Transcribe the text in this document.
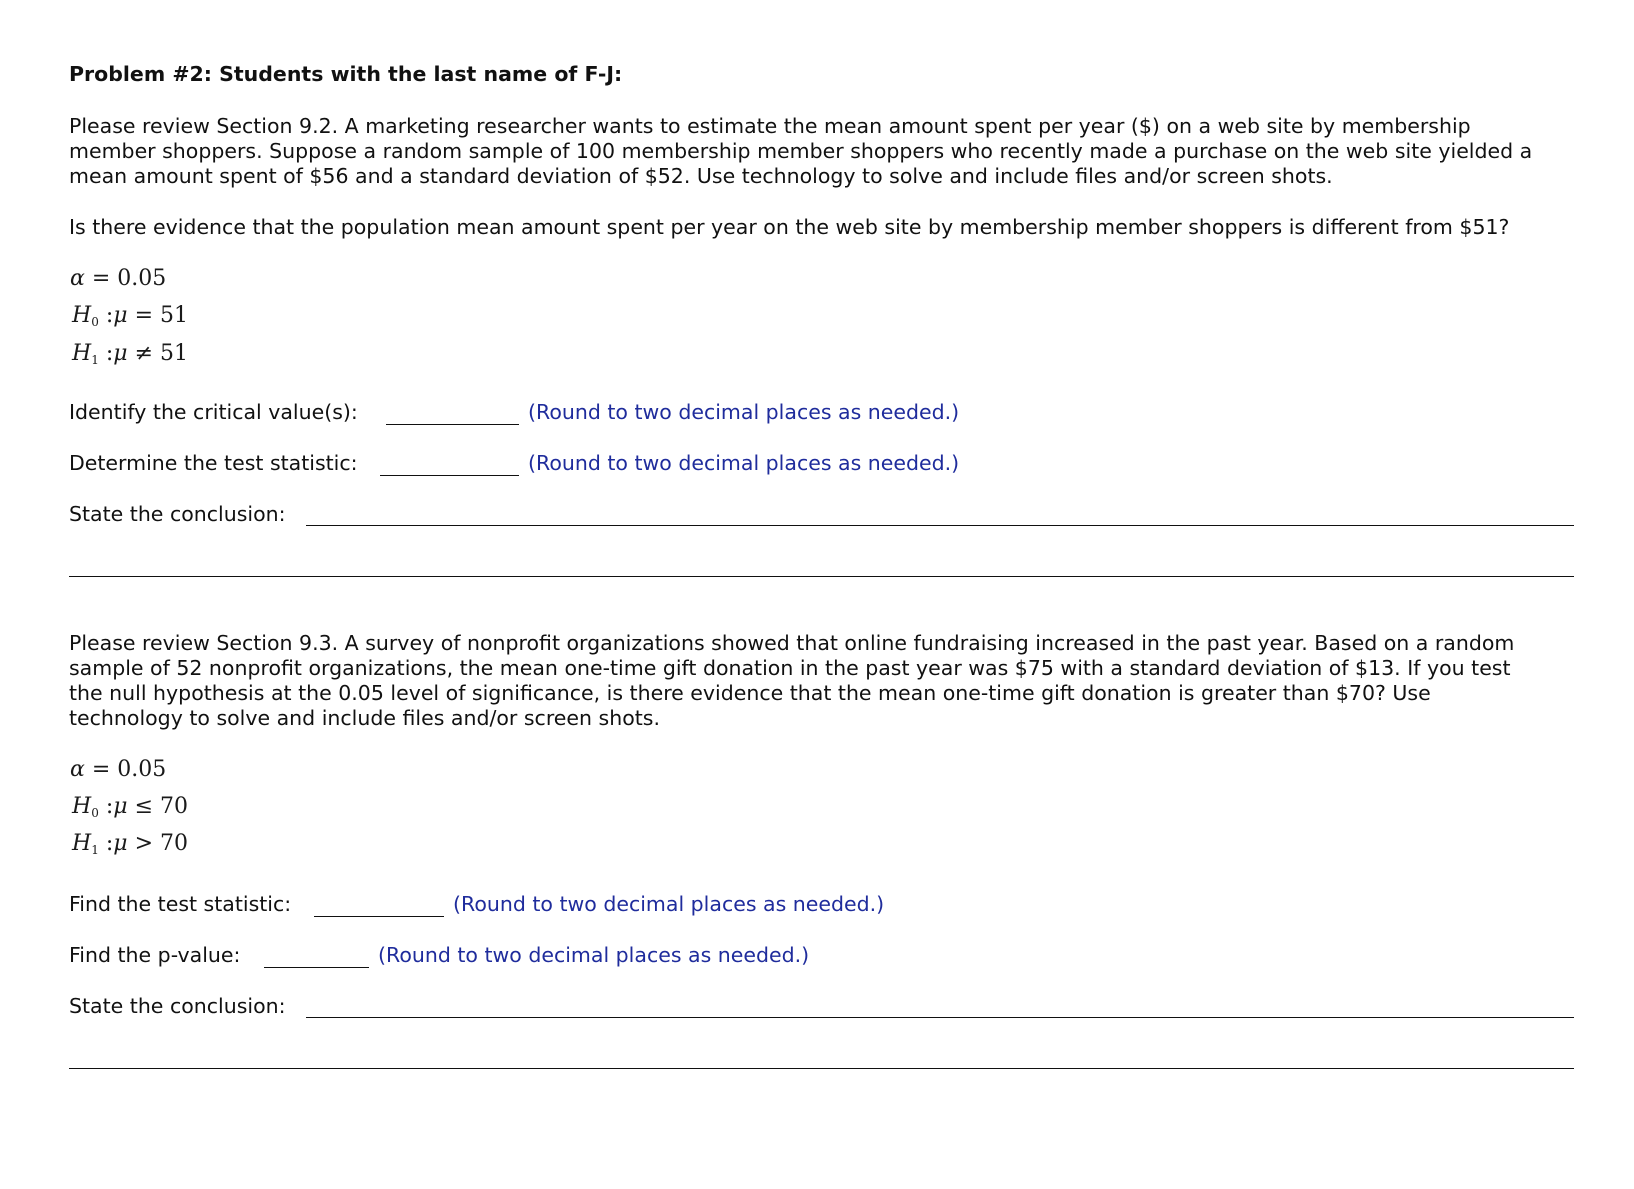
Problem #2: Students with the last name of F-J:
Please review Section 9.2. A marketing researcher wants to estimate the mean amount spent per year ($) on a web site by membership
member shoppers. Suppose a random sample of 100 membership member shoppers who recently made a purchase on the web site yielded a
mean amount spent of $56 and a standard deviation of $52. Use technology to solve and include files and/or screen shots.
Is there evidence that the population mean amount spent per year on the web site by membership member shoppers is different from $51?
α = 0.05
$H_0$ :μ = 51
$H_1$ :μ ≠ 51
Identify the critical value(s):	(Round to two decimal places as needed.)
Determine the test statistic:	(Round to two decimal places as needed.)
State the conclusion:
Please review Section 9.3. A survey of nonprofit organizations showed that online fundraising increased in the past year. Based on a random
sample of 52 nonprofit organizations, the mean one-time gift donation in the past year was $75 with a standard deviation of $13. If you test
the null hypothesis at the 0.05 level of significance, is there evidence that the mean one-time gift donation is greater than $70? Use
technology to solve and include files and/or screen shots.
α = 0.05
$H_0$ :μ ≤ 70
$H_1$ :μ > 70
Find the test statistic:	(Round to two decimal places as needed.)
Find the p-value:	(Round to two decimal places as needed.)
State the conclusion:
